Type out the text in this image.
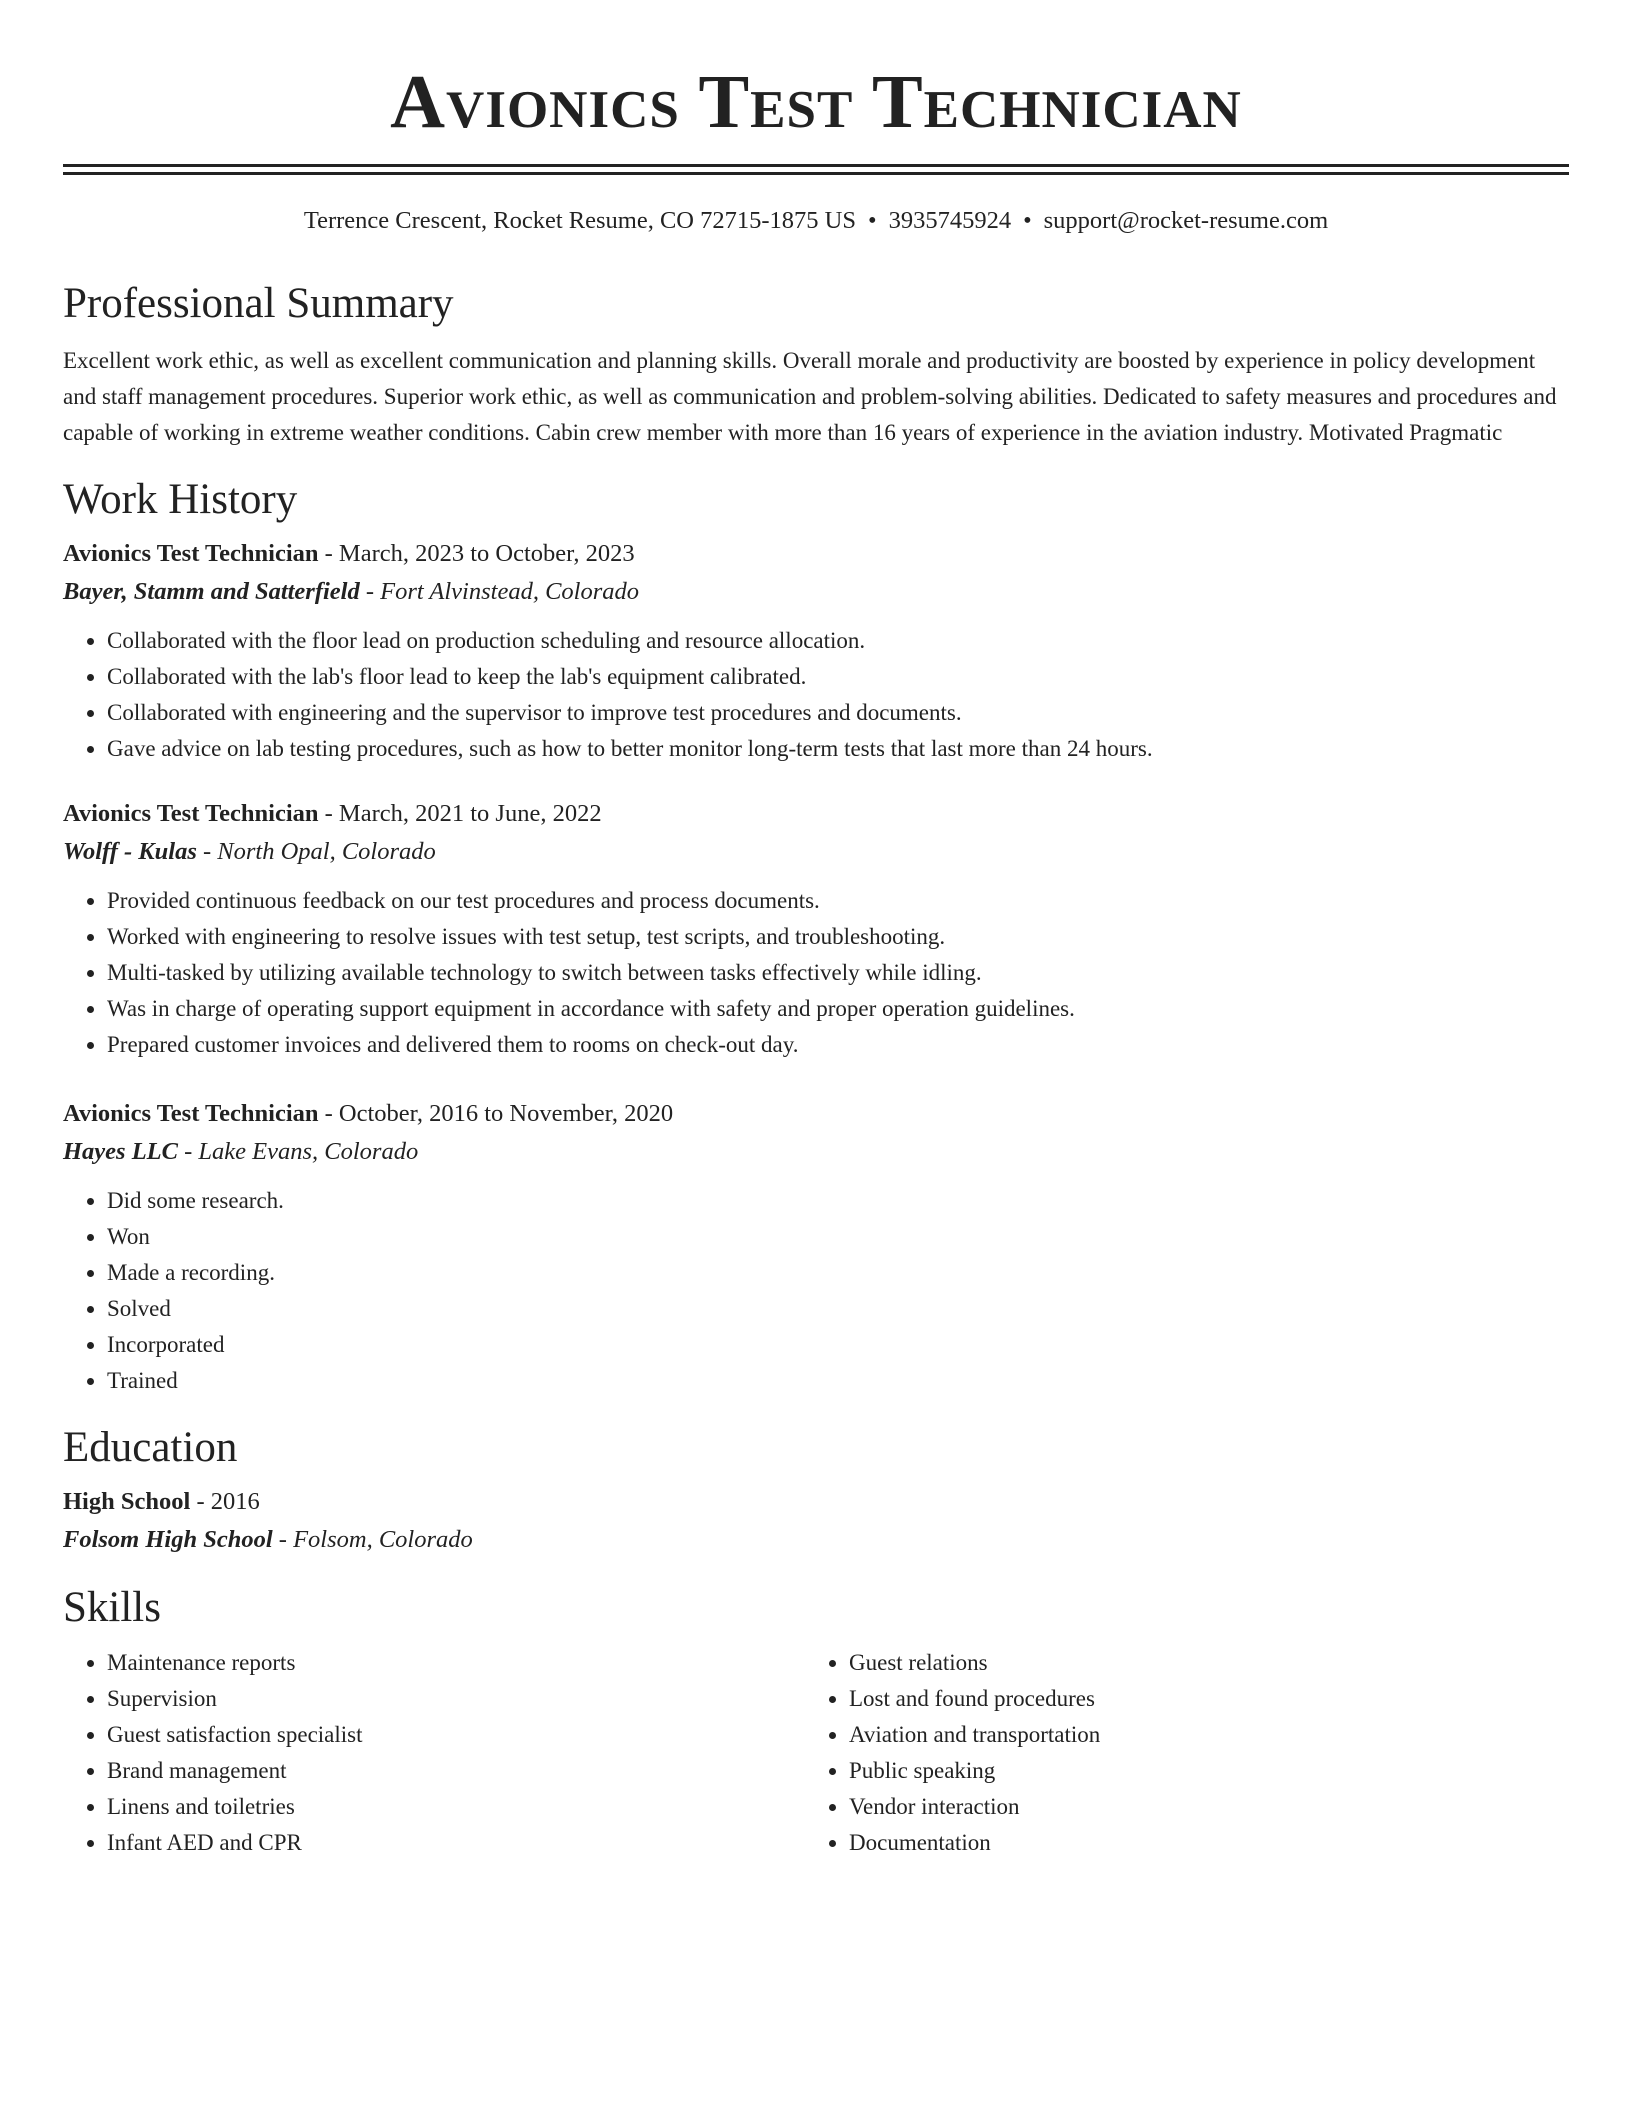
Avionics Test Technician
Terrence Crescent, Rocket Resume, CO 72715-1875 US • 3935745924 • support@rocket-resume.com
Professional Summary

Excellent work ethic, as well as excellent communication and planning skills. Overall morale and productivity are boosted by experience in policy development and staff management procedures. Superior work ethic, as well as communication and problem-solving abilities. Dedicated to safety measures and procedures and capable of working in extreme weather conditions. Cabin crew member with more than 16 years of experience in the aviation industry. Motivated Pragmatic

Work History
Avionics Test Technician - March, 2023 to October, 2023
Bayer, Stamm and Satterfield - Fort Alvinstead, Colorado
• Collaborated with the floor lead on production scheduling and resource allocation.
• Collaborated with the lab's floor lead to keep the lab's equipment calibrated.
• Collaborated with engineering and the supervisor to improve test procedures and documents.
• Gave advice on lab testing procedures, such as how to better monitor long-term tests that last more than 24 hours.
Avionics Test Technician - March, 2021 to June, 2022
Wolff - Kulas - North Opal, Colorado
• Provided continuous feedback on our test procedures and process documents.
• Worked with engineering to resolve issues with test setup, test scripts, and troubleshooting.
• Multi-tasked by utilizing available technology to switch between tasks effectively while idling.
• Was in charge of operating support equipment in accordance with safety and proper operation guidelines.
• Prepared customer invoices and delivered them to rooms on check-out day.
Avionics Test Technician - October, 2016 to November, 2020
Hayes LLC - Lake Evans, Colorado
• Did some research.
• Won
• Made a recording.
• Solved
• Incorporated
• Trained
Education
High School - 2016
Folsom High School - Folsom, Colorado
Skills
• Maintenance reports
• Supervision
• Guest satisfaction specialist
• Brand management
• Linens and toiletries
• Infant AED and CPR
• Guest relations
• Lost and found procedures
• Aviation and transportation
• Public speaking
• Vendor interaction
• Documentation
